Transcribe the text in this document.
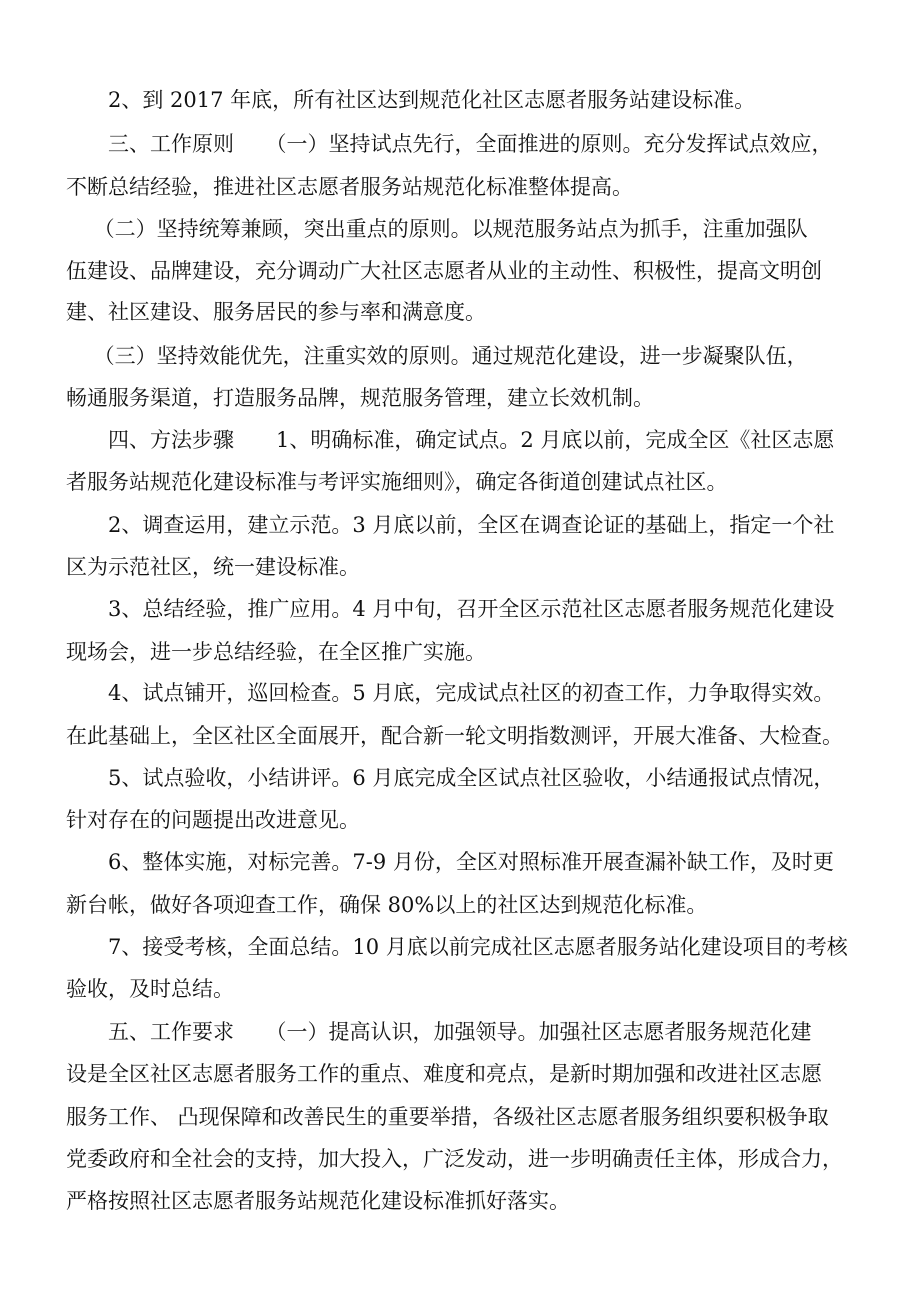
　　2、到 2017 年底，所有社区达到规范化社区志愿者服务站建设标准。
　　三、工作原则　　（一）坚持试点先行，全面推进的原则。充分发挥试点效应，
不断总结经验，推进社区志愿者服务站规范化标准整体提高。
　 （二）坚持统筹兼顾，突出重点的原则。以规范服务站点为抓手，注重加强队
伍建设、品牌建设，充分调动广大社区志愿者从业的主动性、积极性，提高文明创
建、社区建设、服务居民的参与率和满意度。
　 （三）坚持效能优先，注重实效的原则。通过规范化建设，进一步凝聚队伍，
畅通服务渠道，打造服务品牌，规范服务管理，建立长效机制。
　　四、方法步骤　　1、明确标准，确定试点。2 月底以前，完成全区《社区志愿
者服务站规范化建设标准与考评实施细则》，确定各街道创建试点社区。
　　2、调查运用，建立示范。3 月底以前，全区在调查论证的基础上，指定一个社
区为示范社区，统一建设标准。
　　3、总结经验，推广应用。4 月中旬，召开全区示范社区志愿者服务规范化建设
现场会，进一步总结经验，在全区推广实施。
　　4、试点铺开，巡回检查。5 月底，完成试点社区的初查工作，力争取得实效。
在此基础上，全区社区全面展开，配合新一轮文明指数测评，开展大准备、大检查。
　　5、试点验收，小结讲评。6 月底完成全区试点社区验收，小结通报试点情况，
针对存在的问题提出改进意见。
　　6、整体实施，对标完善。7-9 月份，全区对照标准开展查漏补缺工作，及时更
新台帐，做好各项迎查工作，确保 80%以上的社区达到规范化标准。
　　7、接受考核，全面总结。10 月底以前完成社区志愿者服务站化建设项目的考核
验收，及时总结。
　　五、工作要求　　（一）提高认识，加强领导。加强社区志愿者服务规范化建
设是全区社区志愿者服务工作的重点、难度和亮点，是新时期加强和改进社区志愿
服务工作、 凸现保障和改善民生的重要举措，各级社区志愿者服务组织要积极争取
党委政府和全社会的支持，加大投入，广泛发动，进一步明确责任主体，形成合力，
严格按照社区志愿者服务站规范化建设标准抓好落实。
